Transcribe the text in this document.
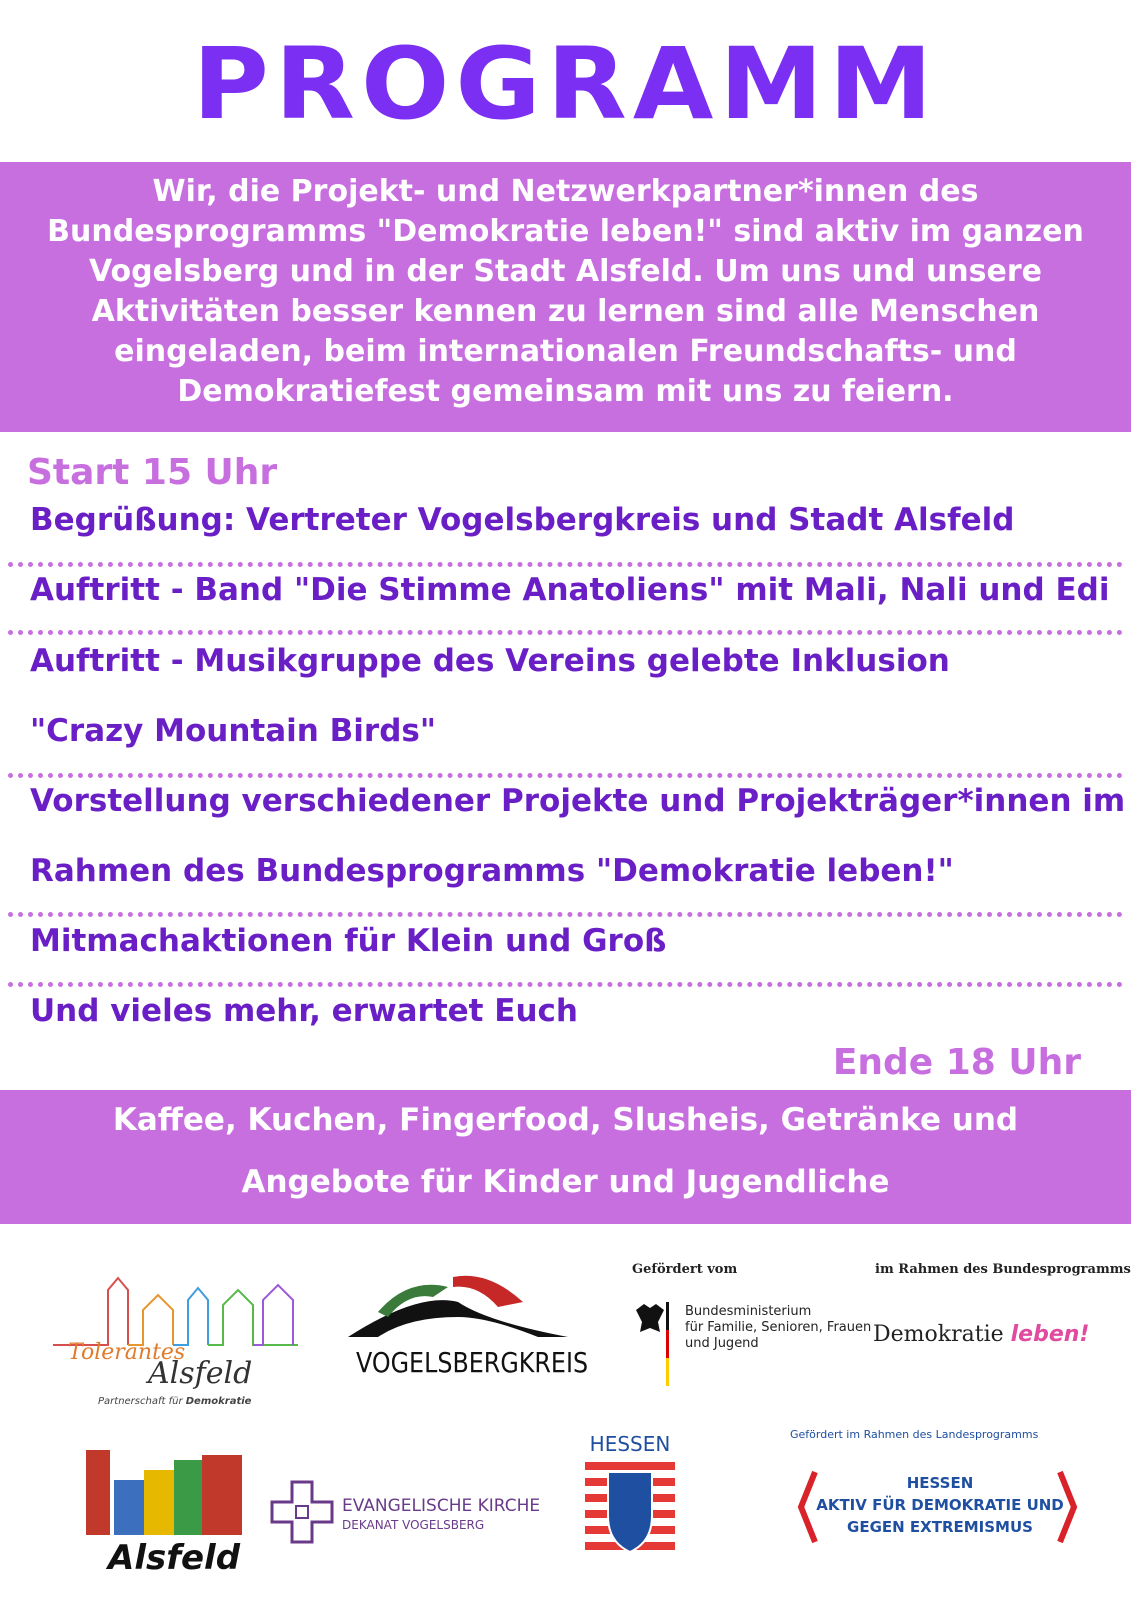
PROGRAMM
Wir, die Projekt- und Netzwerkpartner*innen des
Bundesprogramms "Demokratie leben!" sind aktiv im ganzen
Vogelsberg und in der Stadt Alsfeld. Um uns und unsere
Aktivitäten besser kennen zu lernen sind alle Menschen
eingeladen, beim internationalen Freundschafts- und
Demokratiefest gemeinsam mit uns zu feiern.
Start 15 Uhr
Begrüßung: Vertreter Vogelsbergkreis und Stadt Alsfeld
Auftritt - Band "Die Stimme Anatoliens" mit Mali, Nali und Edi
Auftritt - Musikgruppe des Vereins gelebte Inklusion
"Crazy Mountain Birds"
Vorstellung verschiedener Projekte und Projekträger*innen im
Rahmen des Bundesprogramms "Demokratie leben!"
Mitmachaktionen für Klein und Groß
Und vieles mehr, erwartet Euch
Ende 18 Uhr
Kaffee, Kuchen, Fingerfood, Slusheis, Getränke und
Angebote für Kinder und Jugendliche
Tolerantes
Alsfeld
Partnerschaft für Demokratie
VOGELSBERGKREIS
Gefördert vom
Bundesministerium
für Familie, Senioren, Frauen
und Jugend
im Rahmen des Bundesprogramms
Demokratie leben!
Alsfeld
EVANGELISCHE KIRCHE
DEKANAT VOGELSBERG
HESSEN	Gefördert im Rahmen des Landesprogramms
HESSEN
AKTIV FÜR DEMOKRATIE UND
GEGEN EXTREMISMUS
